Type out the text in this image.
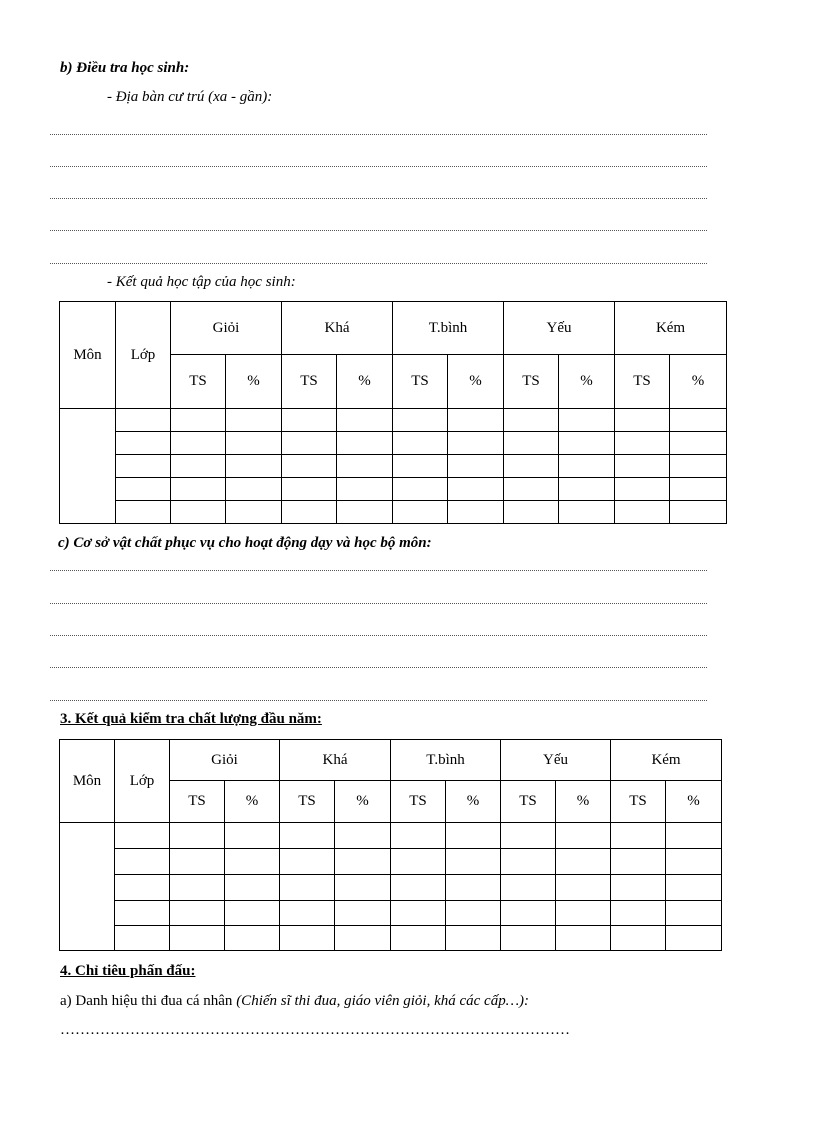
b) Điều tra học sinh:
- Địa bàn cư trú (xa - gần):
- Kết quả học tập của học sinh:
Môn	Lớp	Giỏi		Khá		T.bình		Yếu		Kém	
		TS	%	TS	%	TS	%	TS	%	TS	%

c) Cơ sở vật chất phục vụ cho hoạt động dạy và học bộ môn:
3. Kết quả kiểm tra chất lượng đầu năm:
Môn	Lớp	Giỏi		Khá		T.bình		Yếu		Kém	
		TS	%	TS	%	TS	%	TS	%	TS	%

4. Chỉ tiêu phấn đấu:
a) Danh hiệu thi đua cá nhân (Chiến sĩ thi đua, giáo viên giỏi, khá các cấp…):
…………………………………………………………………………………………
